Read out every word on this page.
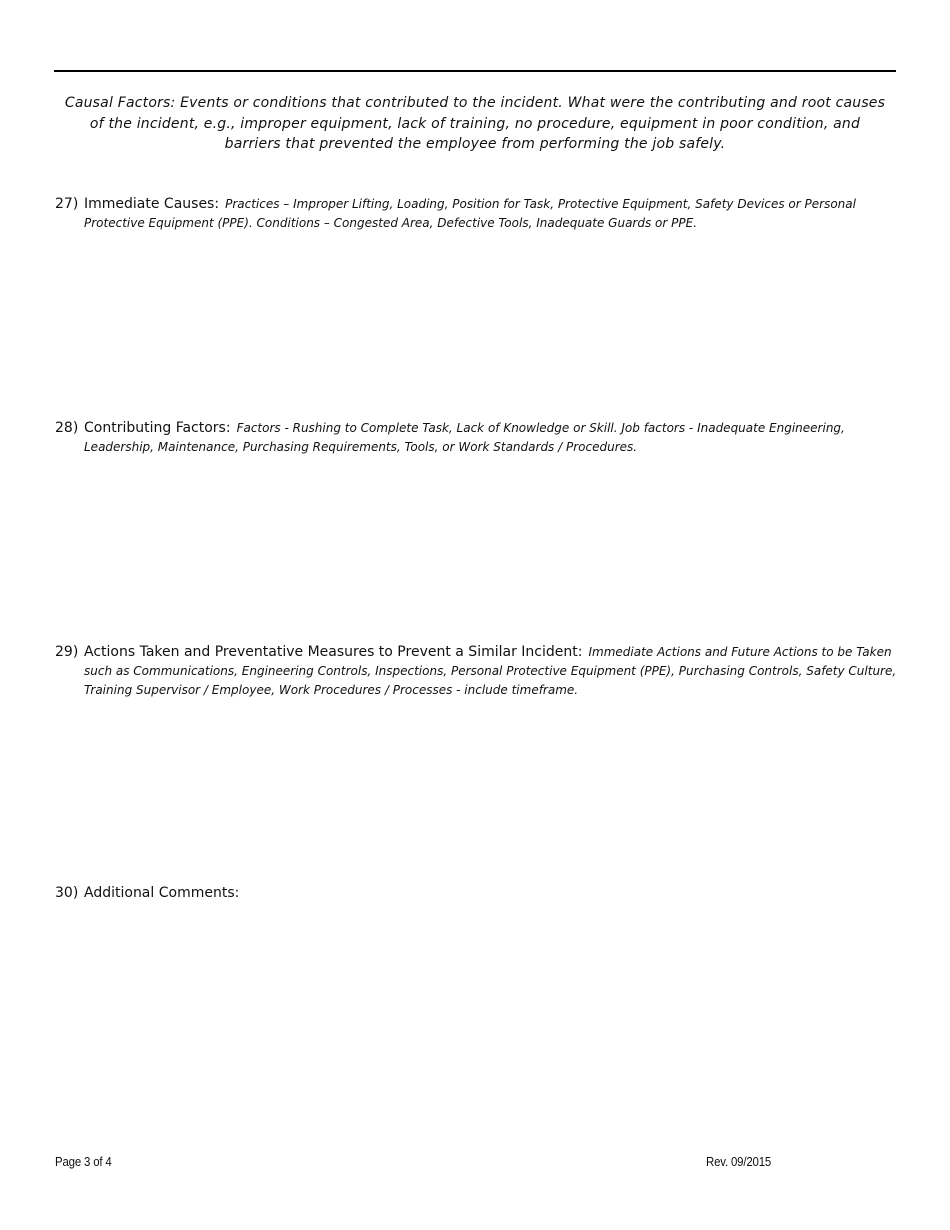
Causal Factors: Events or conditions that contributed to the incident. What were the contributing and root causes of the incident, e.g., improper equipment, lack of training, no procedure, equipment in poor condition, and barriers that prevented the employee from performing the job safely.
27) Immediate Causes: Practices – Improper Lifting, Loading, Position for Task, Protective Equipment, Safety Devices or Personal Protective Equipment (PPE). Conditions – Congested Area, Defective Tools, Inadequate Guards or PPE.
28) Contributing Factors: Factors - Rushing to Complete Task, Lack of Knowledge or Skill. Job factors - Inadequate Engineering, Leadership, Maintenance, Purchasing Requirements, Tools, or Work Standards / Procedures.
29) Actions Taken and Preventative Measures to Prevent a Similar Incident: Immediate Actions and Future Actions to be Taken such as Communications, Engineering Controls, Inspections, Personal Protective Equipment (PPE), Purchasing Controls, Safety Culture, Training Supervisor / Employee, Work Procedures / Processes - include timeframe.
30) Additional Comments:
Page 3 of 4	Rev. 09/2015
